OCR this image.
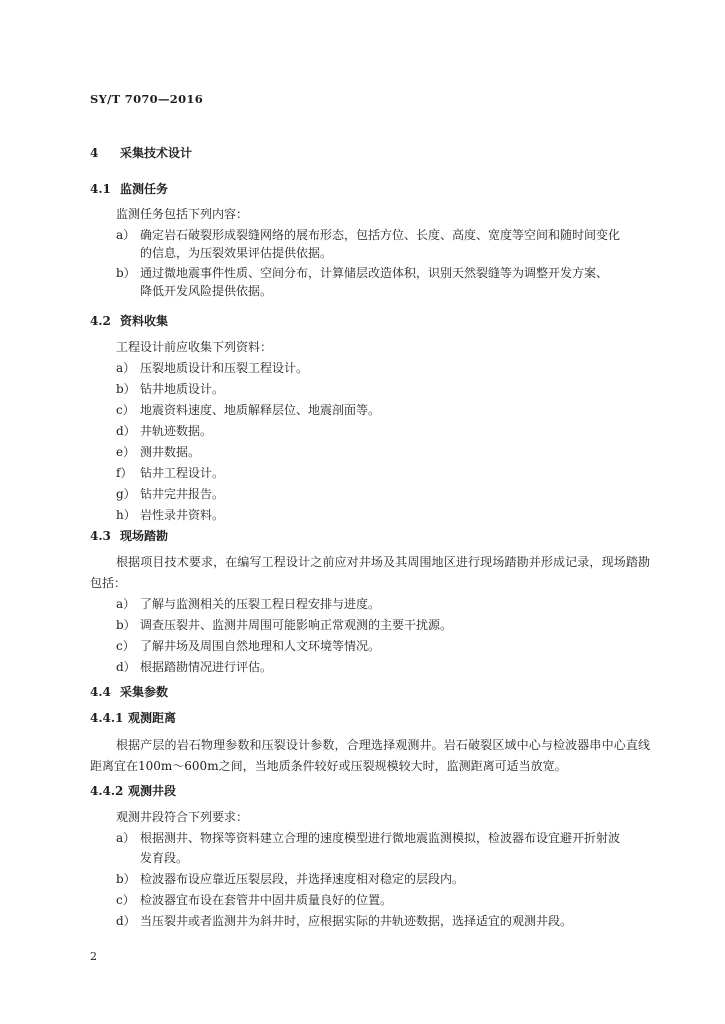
SY/T 7070—2016
4 采集技术设计
4.1 监测任务
监测任务包括下列内容：
a） 确定岩石破裂形成裂缝网络的展布形态，包括方位、长度、高度、宽度等空间和随时间变化
的信息，为压裂效果评估提供依据。
b） 通过微地震事件性质、空间分布，计算储层改造体积，识别天然裂缝等为调整开发方案、
降低开发风险提供依据。
4.2 资料收集
工程设计前应收集下列资料：
a） 压裂地质设计和压裂工程设计。
b） 钻井地质设计。
c） 地震资料速度、地质解释层位、地震剖面等。
d） 井轨迹数据。
e） 测井数据。
f） 钻井工程设计。
g） 钻井完井报告。
h） 岩性录井资料。
4.3 现场踏勘
根据项目技术要求，在编写工程设计之前应对井场及其周围地区进行现场踏勘并形成记录，现场踏勘包括：
a） 了解与监测相关的压裂工程日程安排与进度。
b） 调查压裂井、监测井周围可能影响正常观测的主要干扰源。
c） 了解井场及周围自然地理和人文环境等情况。
d） 根据踏勘情况进行评估。
4.4 采集参数
4.4.1 观测距离
根据产层的岩石物理参数和压裂设计参数，合理选择观测井。岩石破裂区域中心与检波器串中心直线距离宜在100m～600m之间，当地质条件较好或压裂规模较大时，监测距离可适当放宽。
4.4.2 观测井段
观测井段符合下列要求：
a） 根据测井、物探等资料建立合理的速度模型进行微地震监测模拟，检波器布设宜避开折射波
发育段。
b） 检波器布设应靠近压裂层段，并选择速度相对稳定的层段内。
c） 检波器宜布设在套管井中固井质量良好的位置。
d） 当压裂井或者监测井为斜井时，应根据实际的井轨迹数据，选择适宜的观测井段。
2
